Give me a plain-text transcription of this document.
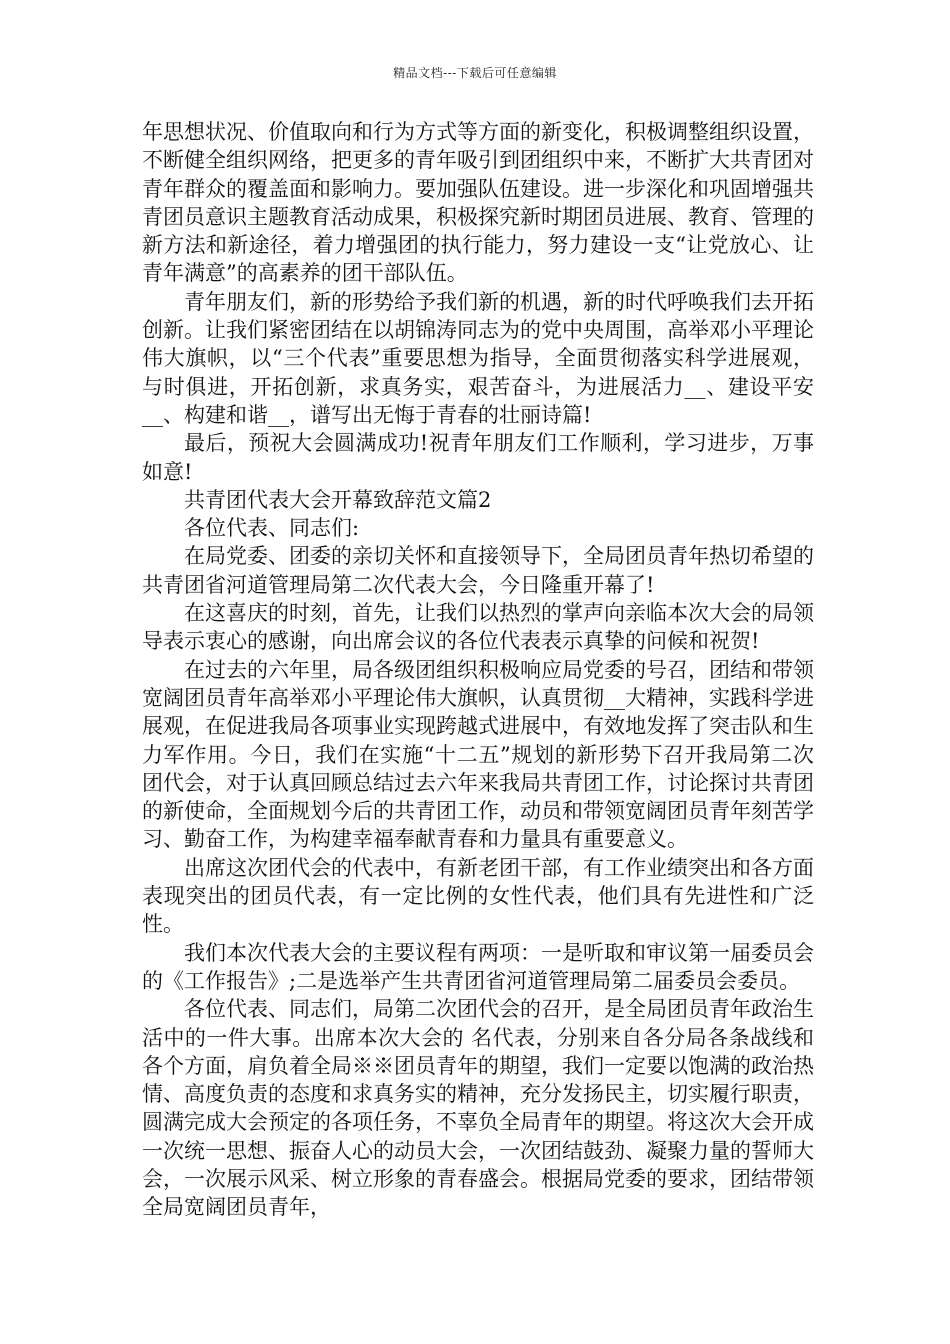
精品文档---下载后可任意编辑

年思想状况、价值取向和行为方式等方面的新变化，积极调整组织设置，不断健全组织网络，把更多的青年吸引到团组织中来，不断扩大共青团对青年群众的覆盖面和影响力。要加强队伍建设。进一步深化和巩固增强共青团员意识主题教育活动成果，积极探究新时期团员进展、教育、管理的新方法和新途径，着力增强团的执行能力，努力建设一支“让党放心、让青年满意”的高素养的团干部队伍。

青年朋友们，新的形势给予我们新的机遇，新的时代呼唤我们去开拓创新。让我们紧密团结在以胡锦涛同志为的党中央周围，高举邓小平理论伟大旗帜，以“三个代表”重要思想为指导，全面贯彻落实科学进展观，与时俱进，开拓创新，求真务实，艰苦奋斗，为进展活力__、建设平安__、构建和谐__，谱写出无悔于青春的壮丽诗篇!

最后，预祝大会圆满成功!祝青年朋友们工作顺利，学习进步，万事如意!

共青团代表大会开幕致辞范文篇2

各位代表、同志们:

在局党委、团委的亲切关怀和直接领导下，全局团员青年热切希望的共青团省河道管理局第二次代表大会，今日隆重开幕了!

在这喜庆的时刻，首先，让我们以热烈的掌声向亲临本次大会的局领导表示衷心的感谢，向出席会议的各位代表表示真挚的问候和祝贺!

在过去的六年里，局各级团组织积极响应局党委的号召，团结和带领宽阔团员青年高举邓小平理论伟大旗帜，认真贯彻__大精神，实践科学进展观，在促进我局各项事业实现跨越式进展中，有效地发挥了突击队和生力军作用。今日，我们在实施“十二五”规划的新形势下召开我局第二次团代会，对于认真回顾总结过去六年来我局共青团工作，讨论探讨共青团的新使命，全面规划今后的共青团工作，动员和带领宽阔团员青年刻苦学习、勤奋工作，为构建幸福奉献青春和力量具有重要意义。

出席这次团代会的代表中，有新老团干部，有工作业绩突出和各方面表现突出的团员代表，有一定比例的女性代表，他们具有先进性和广泛性。

我们本次代表大会的主要议程有两项：一是听取和审议第一届委员会的《工作报告》;二是选举产生共青团省河道管理局第二届委员会委员。

各位代表、同志们，局第二次团代会的召开，是全局团员青年政治生活中的一件大事。出席本次大会的 名代表，分别来自各分局各条战线和各个方面，肩负着全局※※团员青年的期望，我们一定要以饱满的政治热情、高度负责的态度和求真务实的精神，充分发扬民主，切实履行职责，圆满完成大会预定的各项任务，不辜负全局青年的期望。将这次大会开成一次统一思想、振奋人心的动员大会，一次团结鼓劲、凝聚力量的誓师大会，一次展示风采、树立形象的青春盛会。根据局党委的要求，团结带领全局宽阔团员青年，
